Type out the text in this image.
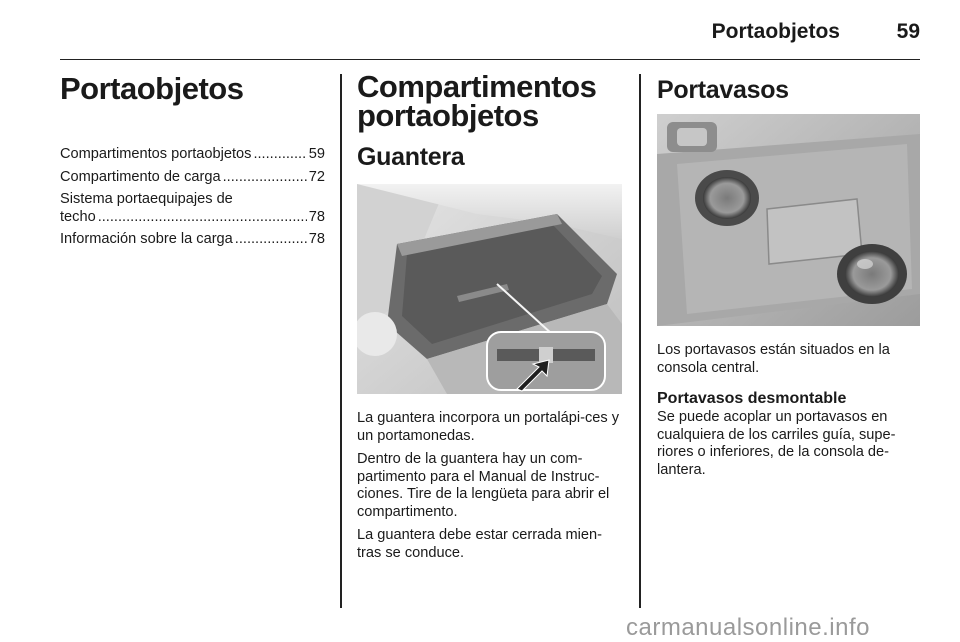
Portaobjetos	59
Portaobjetos
Compartimentos portaobjetos .....	59
Compartimento de carga .....	72
Sistema portaequipajes de
techo .....	78
Información sobre la carga .....	78
Compartimentos
portaobjetos
Guantera

La guantera incorpora un portalápi-ces y un portamonedas.

Dentro de la guantera hay un com-partimento para el Manual de Instruc-ciones. Tire de la lengüeta para abrir el compartimento.

La guantera debe estar cerrada mien-tras se conduce.

Portavasos

Los portavasos están situados en la consola central.

Portavasos desmontable

Se puede acoplar un portavasos en cualquiera de los carriles guía, supe-riores o inferiores, de la consola de-lantera.

carmanualsonline.info
